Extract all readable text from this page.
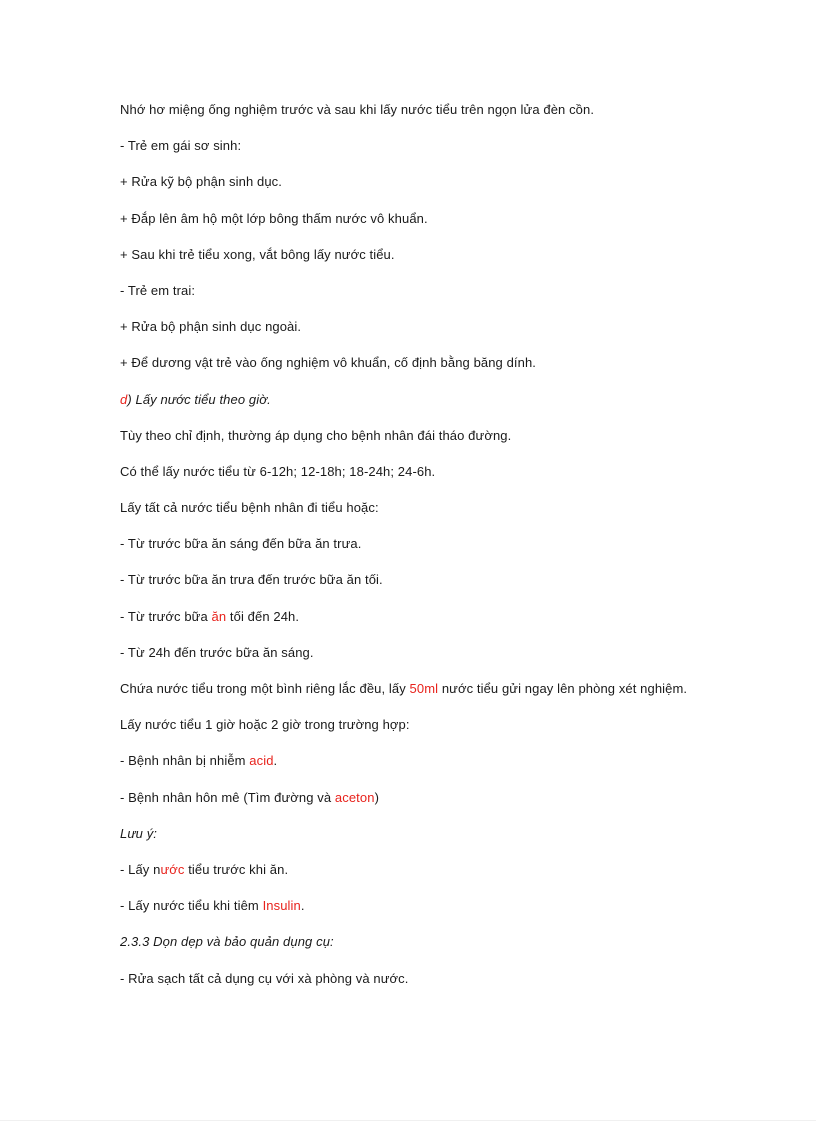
Nhớ hơ miệng ống nghiệm trước và sau khi lấy nước tiểu trên ngọn lửa đèn cồn.
- Trẻ em gái sơ sinh:
+ Rửa kỹ bộ phận sinh dục.
+ Đắp lên âm hộ một lớp bông thấm nước vô khuẩn.
+ Sau khi trẻ tiểu xong, vắt bông lấy nước tiểu.
- Trẻ em trai:
+ Rửa bộ phận sinh dục ngoài.
+ Để dương vật trẻ vào ống nghiệm vô khuẩn, cố định bằng băng dính.
d) Lấy nước tiểu theo giờ.
Tùy theo chỉ định, thường áp dụng cho bệnh nhân đái tháo đường.
Có thể lấy nước tiểu từ 6-12h; 12-18h; 18-24h; 24-6h.
Lấy tất cả nước tiểu bệnh nhân đi tiểu hoặc:
- Từ trước bữa ăn sáng đến bữa ăn trưa.
- Từ trước bữa ăn trưa đến trước bữa ăn tối.
- Từ trước bữa ăn tối đến 24h.
- Từ 24h đến trước bữa ăn sáng.
Chứa nước tiểu trong một bình riêng lắc đều, lấy 50ml nước tiểu gửi ngay lên phòng xét nghiệm.
Lấy nước tiểu 1 giờ hoặc 2 giờ trong trường hợp:
- Bệnh nhân bị nhiễm acid.
- Bệnh nhân hôn mê (Tìm đường và aceton)
Lưu ý:
- Lấy nước tiểu trước khi ăn.
- Lấy nước tiểu khi tiêm Insulin.
2.3.3 Dọn dẹp và bảo quản dụng cụ:
- Rửa sạch tất cả dụng cụ với xà phòng và nước.
